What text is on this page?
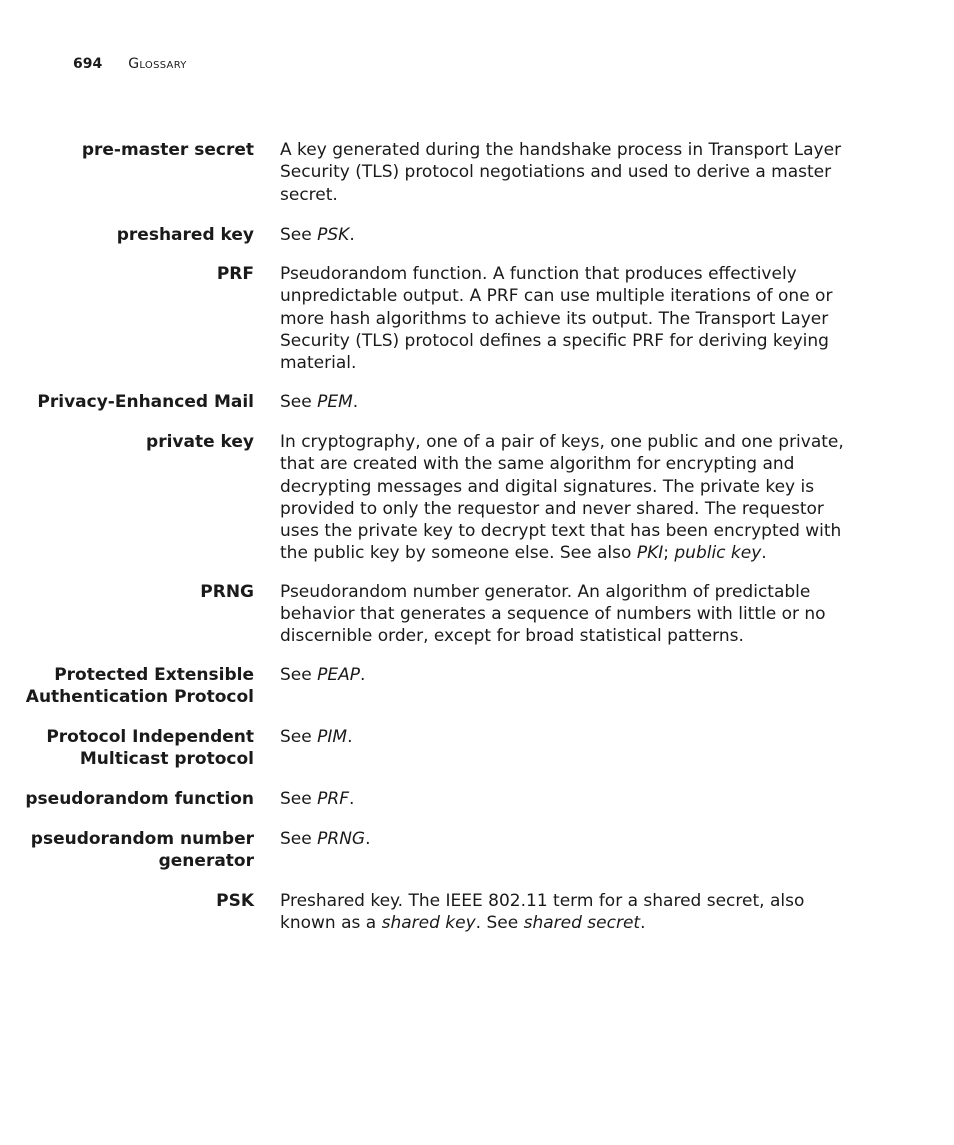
694 Glossary
pre-master secret A key generated during the handshake process in Transport Layer Security (TLS) protocol negotiations and used to derive a master secret.
preshared key See PSK.
PRF Pseudorandom function. A function that produces effectively unpredictable output. A PRF can use multiple iterations of one or more hash algorithms to achieve its output. The Transport Layer Security (TLS) protocol defines a specific PRF for deriving keying material.
Privacy-Enhanced Mail See PEM.
private key In cryptography, one of a pair of keys, one public and one private, that are created with the same algorithm for encrypting and decrypting messages and digital signatures. The private key is provided to only the requestor and never shared. The requestor uses the private key to decrypt text that has been encrypted with the public key by someone else. See also PKI; public key.
PRNG Pseudorandom number generator. An algorithm of predictable behavior that generates a sequence of numbers with little or no discernible order, except for broad statistical patterns.
Protected Extensible Authentication Protocol
See PEAP.
Protocol Independent Multicast protocol
See PIM.
pseudorandom function See PRF.
pseudorandom number generator
See PRNG.
PSK Preshared key. The IEEE 802.11 term for a shared secret, also known as a shared key. See shared secret.
